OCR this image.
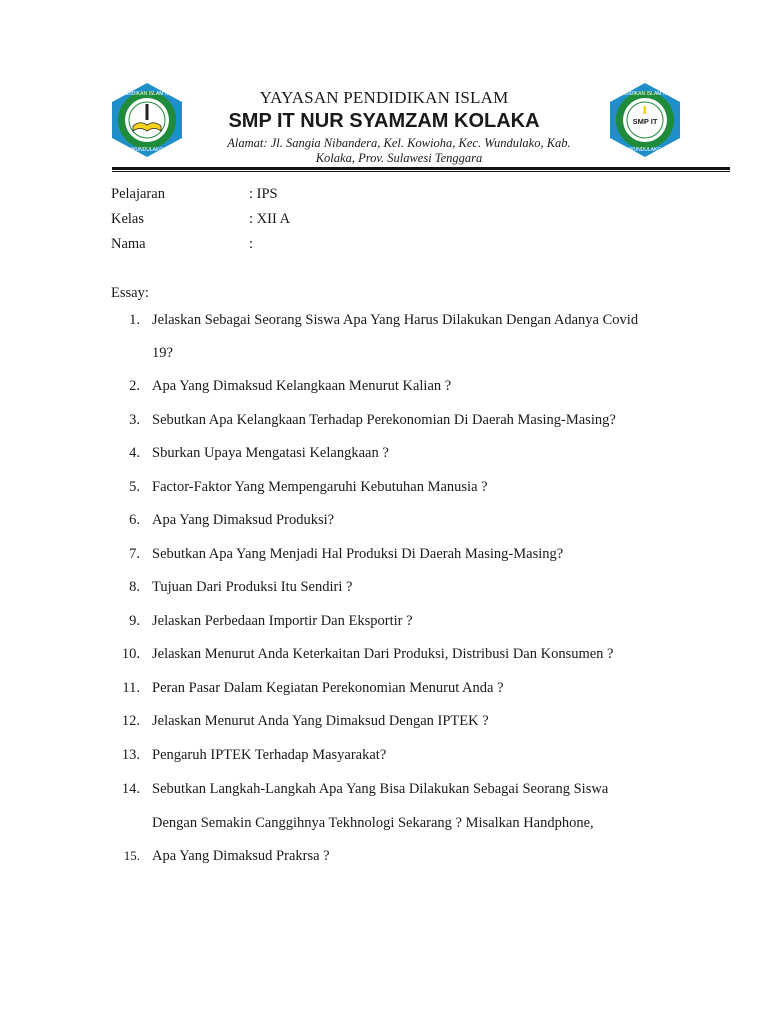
YAYASAN PENDIDIKAN ISLAM NUR SYAMZAM
WUNDULAKO
SMP IT
YAYASAN PENDIDIKAN ISLAM NUR SYAMZAM
WUNDULAKO
YAYASAN PENDIDIKAN ISLAM
SMP IT NUR SYAMZAM KOLAKA
Alamat: Jl. Sangia Nibandera, Kel. Kowioha, Kec. Wundulako, Kab.
Kolaka, Prov. Sulawesi Tenggara
Pelajaran	: IPS
Kelas	: XII A
Nama	:
Essay:
1. Jelaskan Sebagai Seorang Siswa Apa Yang Harus Dilakukan Dengan Adanya Covid
19?
2. Apa Yang Dimaksud Kelangkaan Menurut Kalian ?
3. Sebutkan Apa Kelangkaan Terhadap Perekonomian Di Daerah Masing-Masing?
4. Sburkan Upaya Mengatasi Kelangkaan ?
5. Factor-Faktor Yang Mempengaruhi Kebutuhan Manusia ?
6. Apa Yang Dimaksud Produksi?
7. Sebutkan Apa Yang Menjadi Hal Produksi Di Daerah Masing-Masing?
8. Tujuan Dari Produksi Itu Sendiri ?
9. Jelaskan Perbedaan Importir Dan Eksportir ?
10. Jelaskan Menurut Anda Keterkaitan Dari Produksi, Distribusi Dan Konsumen ?
11. Peran Pasar Dalam Kegiatan Perekonomian Menurut Anda ?
12. Jelaskan Menurut Anda Yang Dimaksud Dengan IPTEK ?
13. Pengaruh IPTEK Terhadap Masyarakat?
14. Sebutkan Langkah-Langkah Apa Yang Bisa Dilakukan Sebagai Seorang Siswa
Dengan Semakin Canggihnya Tekhnologi Sekarang ? Misalkan Handphone,
15. Apa Yang Dimaksud Prakrsa ?
